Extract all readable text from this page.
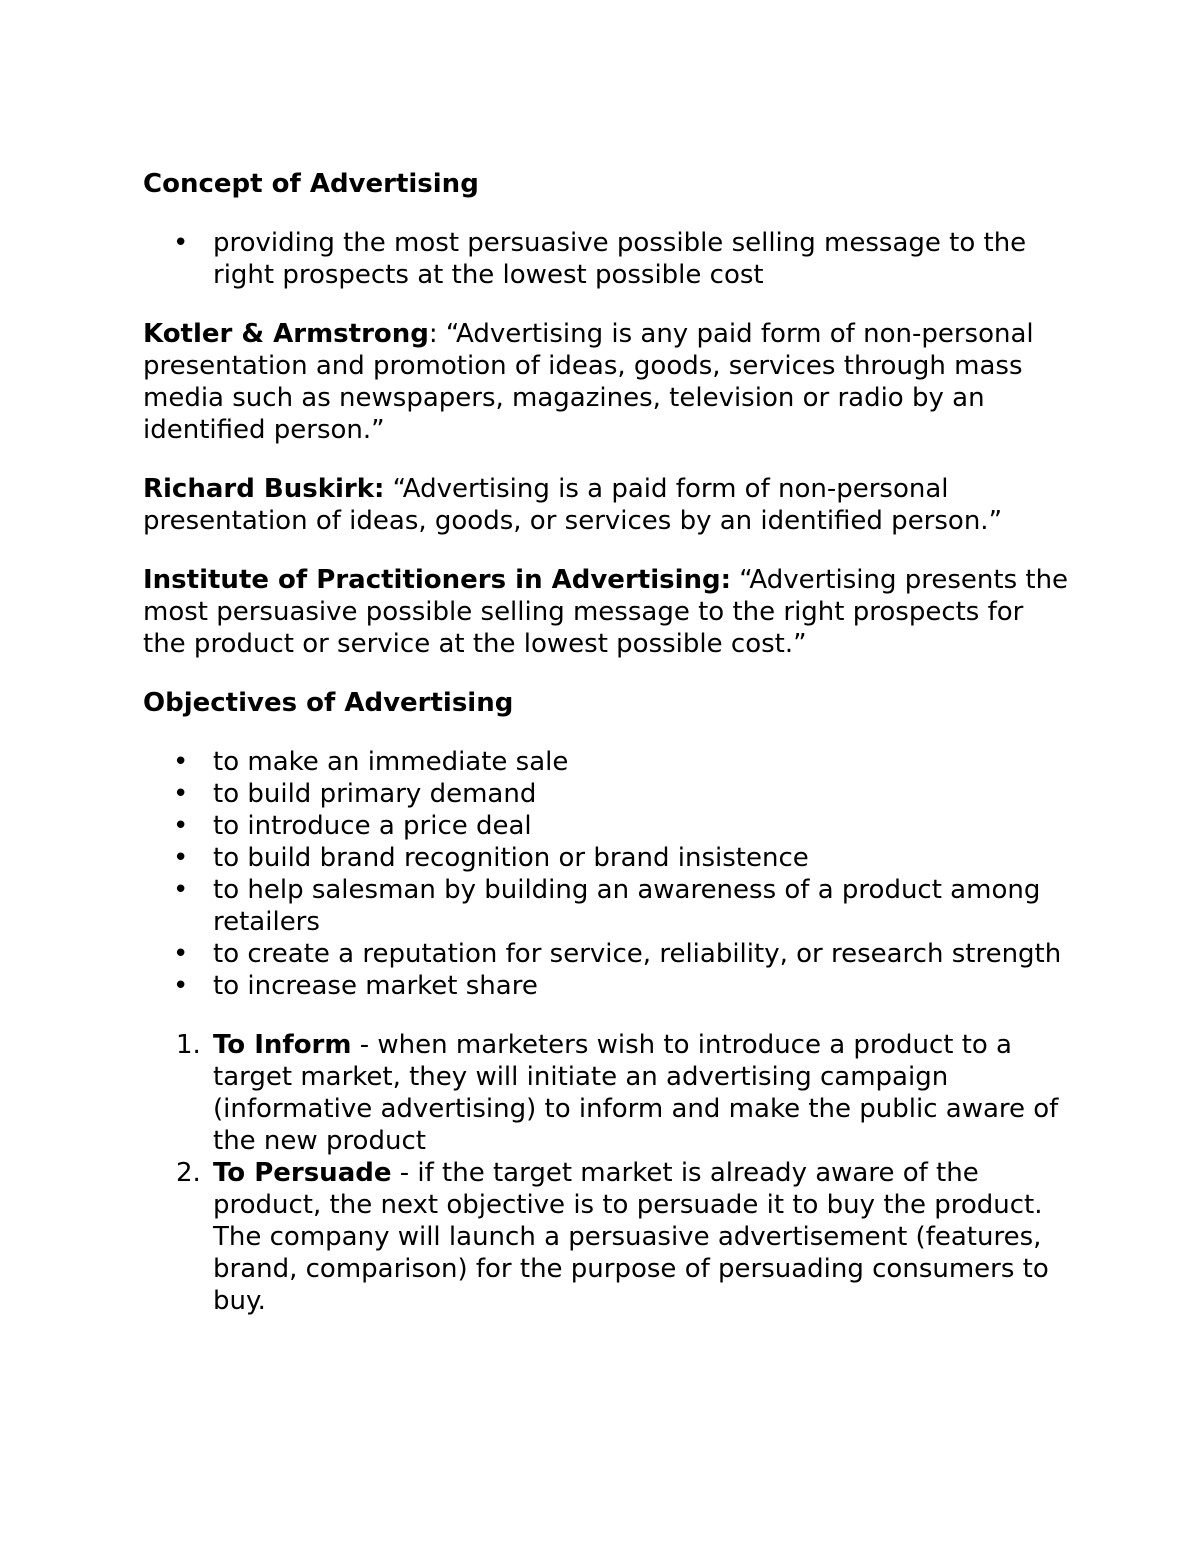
Concept of Advertising

• providing the most persuasive possible selling message to the right prospects at the lowest possible cost

Kotler & Armstrong: “Advertising is any paid form of non-personal presentation and promotion of ideas, goods, services through mass media such as newspapers, magazines, television or radio by an identified person.”

Richard Buskirk: “Advertising is a paid form of non-personal presentation of ideas, goods, or services by an identified person.”

Institute of Practitioners in Advertising: “Advertising presents the most persuasive possible selling message to the right prospects for the product or service at the lowest possible cost.”

Objectives of Advertising

• to make an immediate sale
• to build primary demand
• to introduce a price deal
• to build brand recognition or brand insistence
• to help salesman by building an awareness of a product among retailers
• to create a reputation for service, reliability, or research strength
• to increase market share
1. To Inform - when marketers wish to introduce a product to a target market, they will initiate an advertising campaign (informative advertising) to inform and make the public aware of the new product
2. To Persuade - if the target market is already aware of the product, the next objective is to persuade it to buy the product. The company will launch a persuasive advertisement (features, brand, comparison) for the purpose of persuading consumers to buy.
